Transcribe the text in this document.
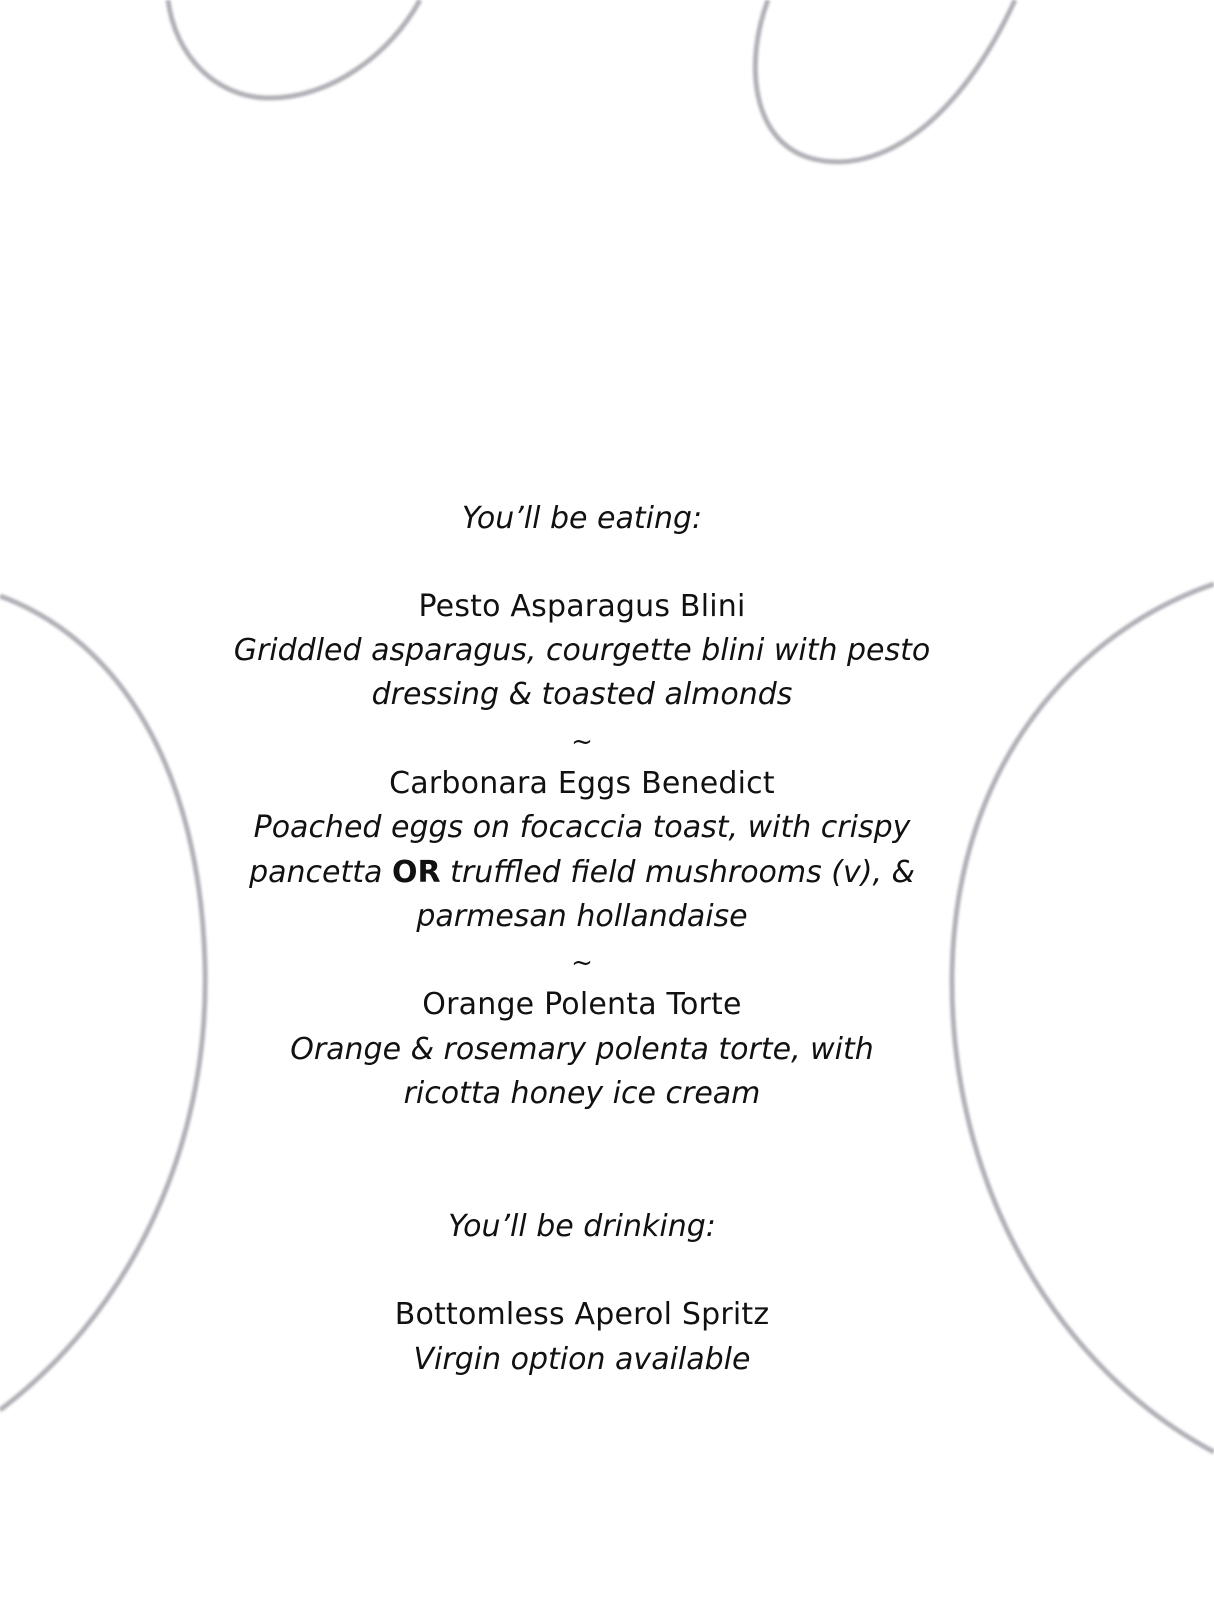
You’ll be eating:
Pesto Asparagus Blini
Griddled asparagus, courgette blini with pesto
dressing & toasted almonds
~
Carbonara Eggs Benedict
Poached eggs on focaccia toast, with crispy
pancetta OR truffled field mushrooms (v), &
parmesan hollandaise
~
Orange Polenta Torte
Orange & rosemary polenta torte, with
ricotta honey ice cream
You’ll be drinking:
Bottomless Aperol Spritz
Virgin option available
